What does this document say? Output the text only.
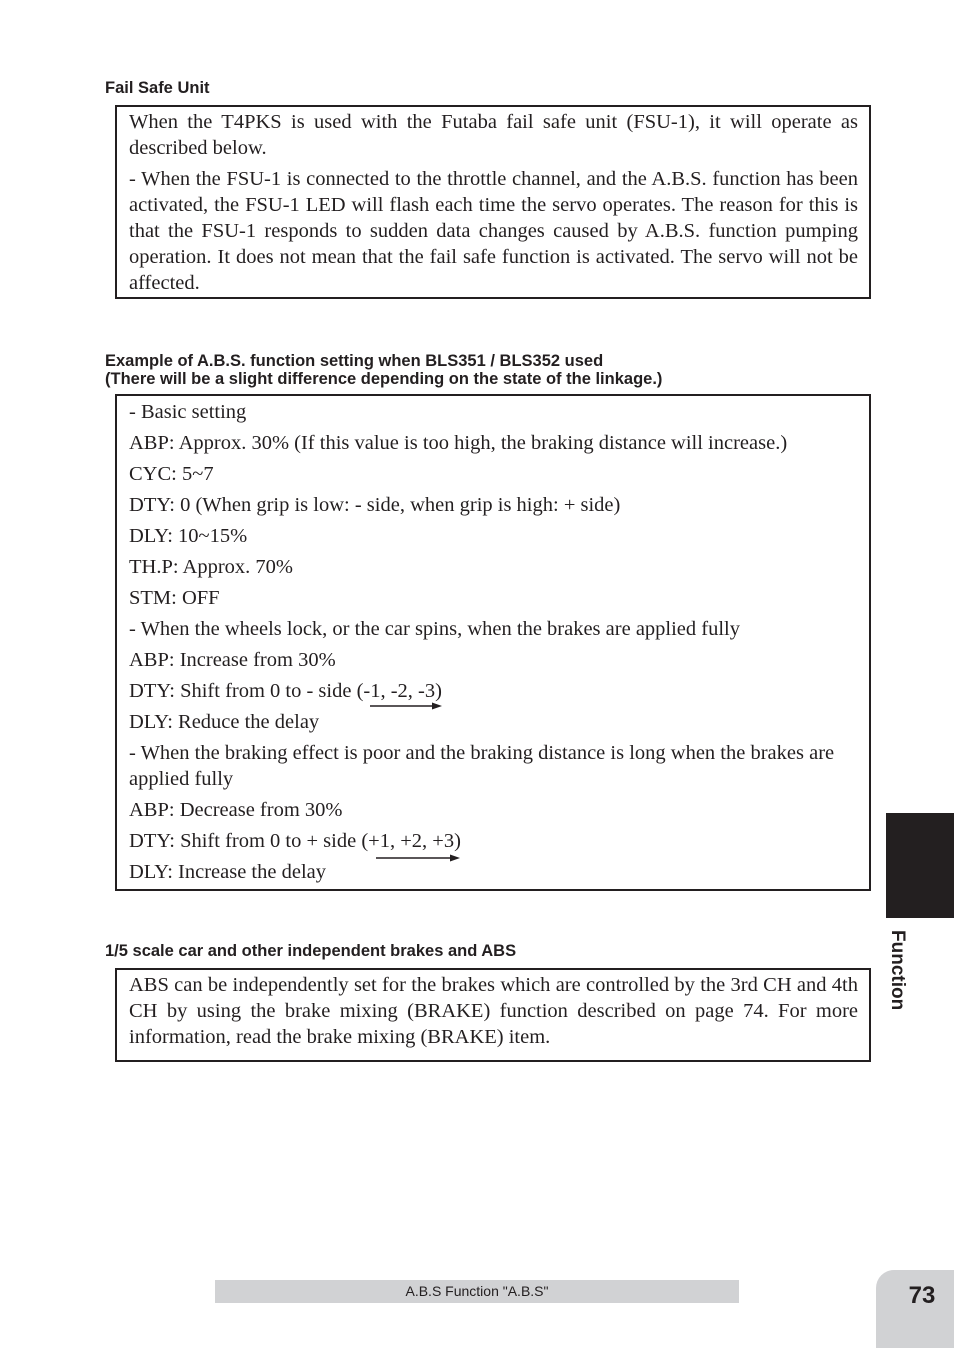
Fail Safe Unit

When the T4PKS is used with the Futaba fail safe unit (FSU-1), it will operate as described below.

- When the FSU-1 is connected to the throttle channel, and the A.B.S. function has been activated, the FSU-1 LED will flash each time the servo operates. The reason for this is that the FSU-1 responds to sudden data changes caused by A.B.S. function pumping operation. It does not mean that the fail safe function is activated. The servo will not be affected.

Example of A.B.S. function setting when BLS351 / BLS352 used
(There will be a slight difference depending on the state of the linkage.)

- Basic setting

ABP: Approx. 30% (If this value is too high, the braking distance will increase.)

CYC: 5~7

DTY: 0 (When grip is low: - side, when grip is high: + side)

DLY: 10~15%

TH.P: Approx. 70%

STM: OFF

- When the wheels lock, or the car spins, when the brakes are applied fully

ABP: Increase from 30%

DTY: Shift from 0 to - side (-1, -2, -3)

DLY: Reduce the delay

- When the braking effect is poor and the braking distance is long when the brakes are applied fully

ABP: Decrease from 30%

DTY: Shift from 0 to + side (+1, +2, +3)

DLY: Increase the delay

1/5 scale car and other independent brakes and ABS

ABS can be independently set for the brakes which are controlled by the 3rd CH and 4th CH by using the brake mixing (BRAKE) function described on page 74. For more information, read the brake mixing (BRAKE) item.

Function
A.B.S Function "A.B.S"	73
